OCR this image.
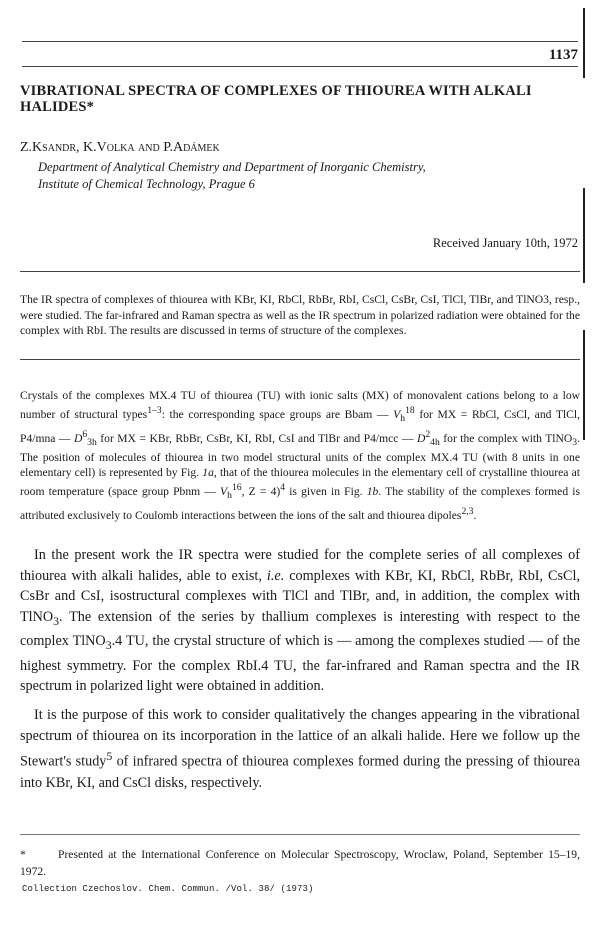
1137
VIBRATIONAL SPECTRA OF COMPLEXES OF THIOUREA WITH ALKALI HALIDES*
Z.Ksandr, K.Volka and P.Adámek
Department of Analytical Chemistry and Department of Inorganic Chemistry,
Institute of Chemical Technology, Prague 6
Received January 10th, 1972
The IR spectra of complexes of thiourea with KBr, KI, RbCl, RbBr, RbI, CsCl, CsBr, CsI, TlCl, TlBr, and TlNO3, resp., were studied. The far-infrared and Raman spectra as well as the IR spectrum in polarized radiation were obtained for the complex with RbI. The results are discussed in terms of structure of the complexes.
Crystals of the complexes MX.4 TU of thiourea (TU) with ionic salts (MX) of monovalent cations belong to a low number of structural types$^{1-3}$: the corresponding space groups are Bbam — $V_h^{18}$ for MX = RbCl, CsCl, and TlCl, P4/mna — $D^6_{3h}$ for MX = KBr, RbBr, CsBr, KI, RbI, CsI and TlBr and P4/mcc — $D^2_{4h}$ for the complex with TlNO$_3$. The position of molecules of thiourea in two model structural units of the complex MX.4 TU (with 8 units in one elementary cell) is represented by Fig. 1a, that of the thiourea molecules in the elementary cell of crystalline thiourea at room temperature (space group Pbnm — $V_h^{16}$, Z = 4)$^4$ is given in Fig. 1b. The stability of the complexes formed is attributed exclusively to Coulomb interactions between the ions of the salt and thiourea dipoles$^{2,3}$.
In the present work the IR spectra were studied for the complete series of all complexes of thiourea with alkali halides, able to exist, i.e. complexes with KBr, KI, RbCl, RbBr, RbI, CsCl, CsBr and CsI, isostructural complexes with TlCl and TlBr, and, in addition, the complex with TlNO$_3$. The extension of the series by thallium complexes is interesting with respect to the complex TlNO$_3$.4 TU, the crystal structure of which is — among the complexes studied — of the highest symmetry. For the complex RbI.4 TU, the far-infrared and Raman spectra and the IR spectrum in polarized light were obtained in addition.
It is the purpose of this work to consider qualitatively the changes appearing in the vibrational spectrum of thiourea on its incorporation in the lattice of an alkali halide. Here we follow up the Stewart's study$^5$ of infrared spectra of thiourea complexes formed during the pressing of thiourea into KBr, KI, and CsCl disks, respectively.
*	Presented at the International Conference on Molecular Spectroscopy, Wroclaw, Poland, September 15–19, 1972.
Collection Czechoslov. Chem. Commun. /Vol. 38/ (1973)
